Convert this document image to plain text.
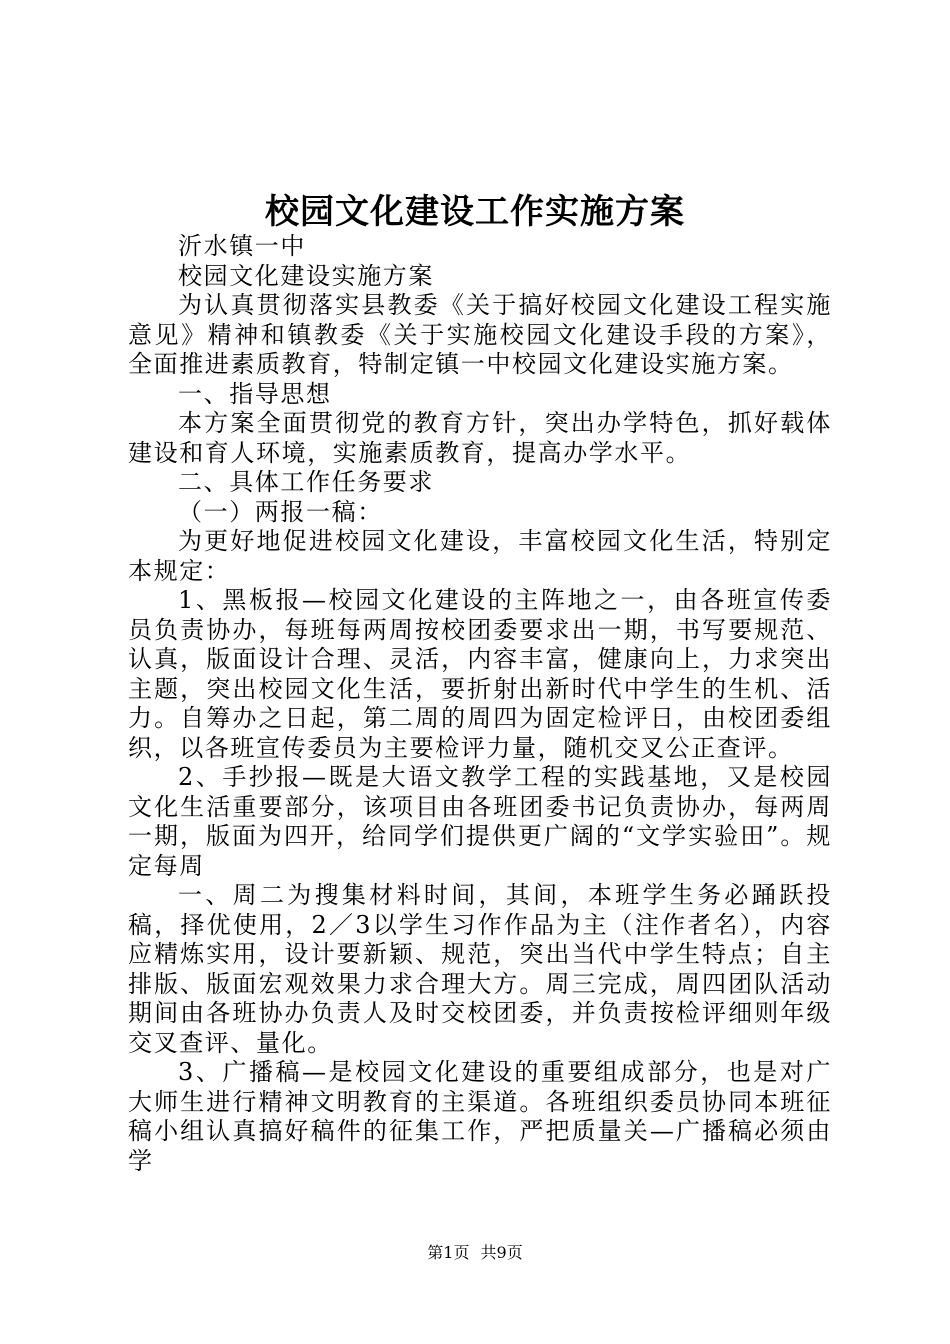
校园文化建设工作实施方案

沂水镇一中

校园文化建设实施方案

为认真贯彻落实县教委《关于搞好校园文化建设工程实施意见》精神和镇教委《关于实施校园文化建设手段的方案》，全面推进素质教育，特制定镇一中校园文化建设实施方案。

一、指导思想

本方案全面贯彻党的教育方针，突出办学特色，抓好载体建设和育人环境，实施素质教育，提高办学水平。

二、具体工作任务要求

（一）两报一稿：

为更好地促进校园文化建设，丰富校园文化生活，特别定本规定：

1、黑板报—校园文化建设的主阵地之一，由各班宣传委员负责协办，每班每两周按校团委要求出一期，书写要规范、认真，版面设计合理、灵活，内容丰富，健康向上，力求突出主题，突出校园文化生活，要折射出新时代中学生的生机、活力。自筹办之日起，第二周的周四为固定检评日，由校团委组织，以各班宣传委员为主要检评力量，随机交叉公正查评。

2、手抄报—既是大语文教学工程的实践基地，又是校园文化生活重要部分，该项目由各班团委书记负责协办，每两周一期，版面为四开，给同学们提供更广阔的“文学实验田”。规定每周

一、周二为搜集材料时间，其间，本班学生务必踊跃投稿，择优使用，2／3以学生习作作品为主（注作者名），内容应精炼实用，设计要新颖、规范，突出当代中学生特点；自主排版、版面宏观效果力求合理大方。周三完成，周四团队活动期间由各班协办负责人及时交校团委，并负责按检评细则年级交叉查评、量化。

3、广播稿—是校园文化建设的重要组成部分，也是对广大师生进行精神文明教育的主渠道。各班组织委员协同本班征稿小组认真搞好稿件的征集工作，严把质量关—广播稿必须由学

第1页 共9页
